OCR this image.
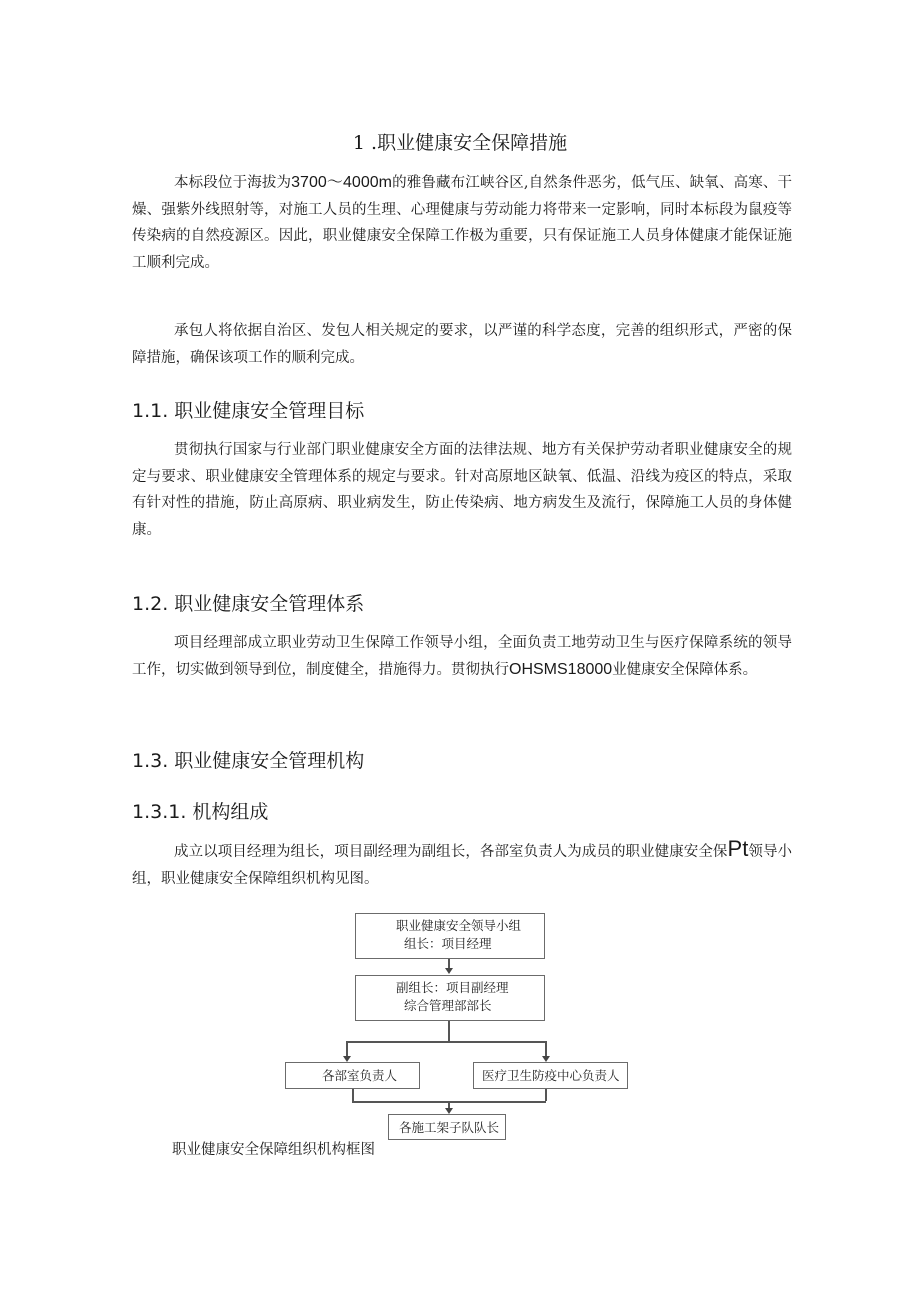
1 .职业健康安全保障措施

本标段位于海拔为3700～4000m的雅鲁藏布江峡谷区,自然条件恶劣，低气压、缺氧、高寒、干燥、强紫外线照射等，对施工人员的生理、心理健康与劳动能力将带来一定影响，同时本标段为鼠疫等传染病的自然疫源区。因此，职业健康安全保障工作极为重要，只有保证施工人员身体健康才能保证施工顺利完成。

承包人将依据自治区、发包人相关规定的要求，以严谨的科学态度，完善的组织形式，严密的保障措施，确保该项工作的顺利完成。

1.1. 职业健康安全管理目标

贯彻执行国家与行业部门职业健康安全方面的法律法规、地方有关保护劳动者职业健康安全的规定与要求、职业健康安全管理体系的规定与要求。针对高原地区缺氧、低温、沿线为疫区的特点，采取有针对性的措施，防止高原病、职业病发生，防止传染病、地方病发生及流行，保障施工人员的身体健康。

1.2. 职业健康安全管理体系

项目经理部成立职业劳动卫生保障工作领导小组，全面负责工地劳动卫生与医疗保障系统的领导工作，切实做到领导到位，制度健全，措施得力。贯彻执行OHSMS18000业健康安全保障体系。

1.3. 职业健康安全管理机构
1.3.1. 机构组成

成立以项目经理为组长，项目副经理为副组长，各部室负责人为成员的职业健康安全保Pt领导小组，职业健康安全保障组织机构见图。

职业健康安全领导小组
组长：项目经理
副组长：项目副经理
综合管理部部长
各部室负责人	医疗卫生防疫中心负责人
各施工架子队队长
职业健康安全保障组织机构框图
